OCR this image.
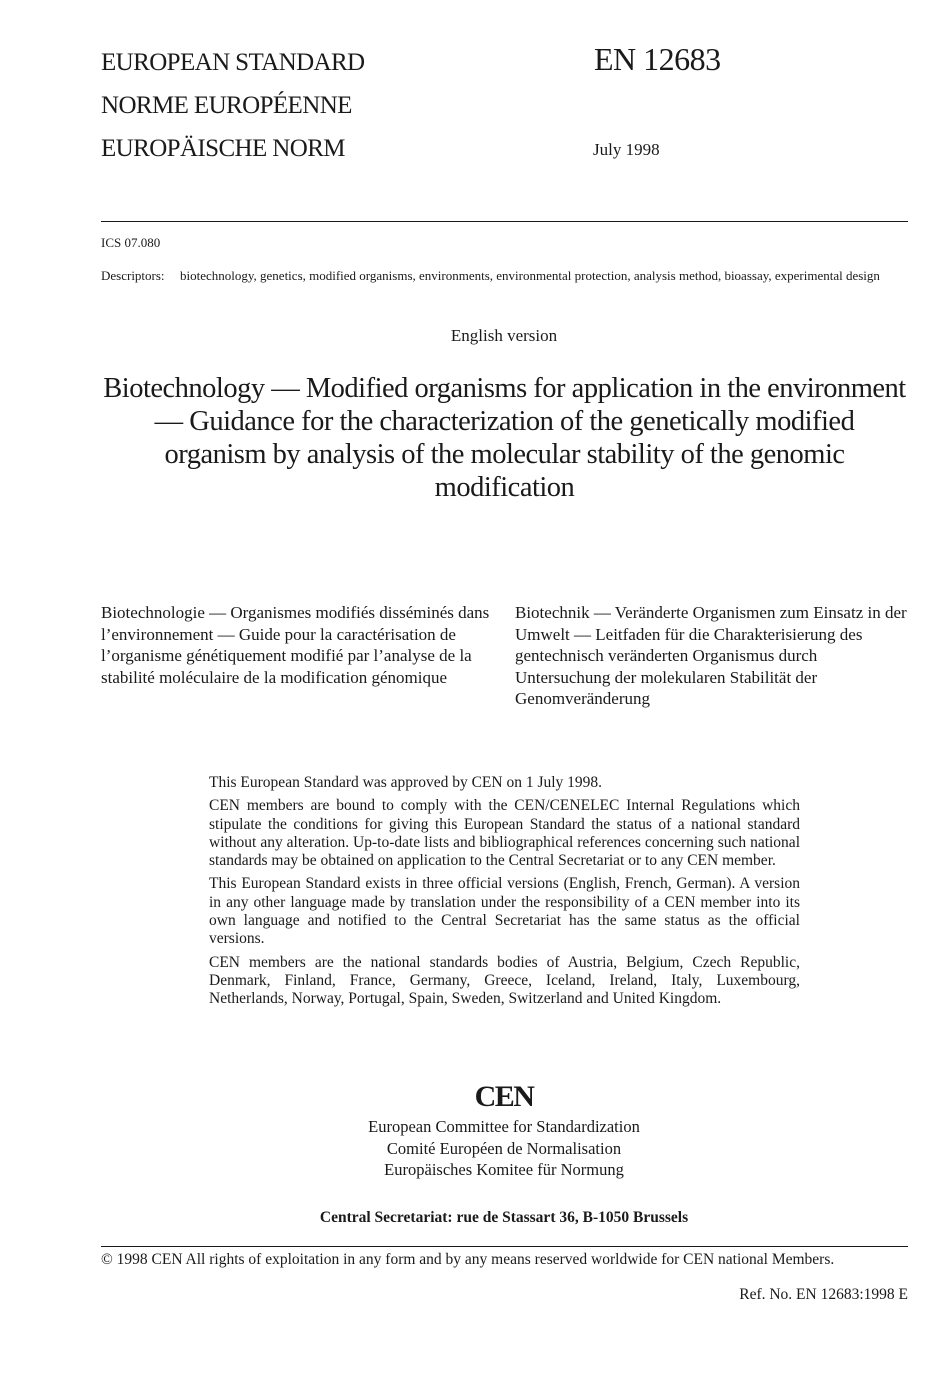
EUROPEAN STANDARD
NORME EUROPÉENNE
EUROPÄISCHE NORM
EN 12683
July 1998
ICS 07.080
Descriptors: biotechnology, genetics, modified organisms, environments, environmental protection, analysis method, bioassay, experimental design
English version
Biotechnology — Modified organisms for application in the environment — Guidance for the characterization of the genetically modified organism by analysis of the molecular stability of the genomic modification
Biotechnologie — Organismes modifiés disséminés dans l’environnement — Guide pour la caractérisation de l’organisme génétiquement modifié par l’analyse de la stabilité moléculaire de la modification génomique
Biotechnik — Veränderte Organismen zum Einsatz in der Umwelt — Leitfaden für die Charakterisierung des gentechnisch veränderten Organismus durch Untersuchung der molekularen Stabilität der Genomveränderung

This European Standard was approved by CEN on 1 July 1998.

CEN members are bound to comply with the CEN/CENELEC Internal Regulations which stipulate the conditions for giving this European Standard the status of a national standard without any alteration. Up-to-date lists and bibliographical references concerning such national standards may be obtained on application to the Central Secretariat or to any CEN member.

This European Standard exists in three official versions (English, French, German). A version in any other language made by translation under the responsibility of a CEN member into its own language and notified to the Central Secretariat has the same status as the official versions.

CEN members are the national standards bodies of Austria, Belgium, Czech Republic, Denmark, Finland, France, Germany, Greece, Iceland, Ireland, Italy, Luxembourg, Netherlands, Norway, Portugal, Spain, Sweden, Switzerland and United Kingdom.

CEN
European Committee for Standardization
Comité Européen de Normalisation
Europäisches Komitee für Normung
Central Secretariat: rue de Stassart 36, B-1050 Brussels
© 1998 CEN All rights of exploitation in any form and by any means reserved worldwide for CEN national Members.
Ref. No. EN 12683:1998 E
